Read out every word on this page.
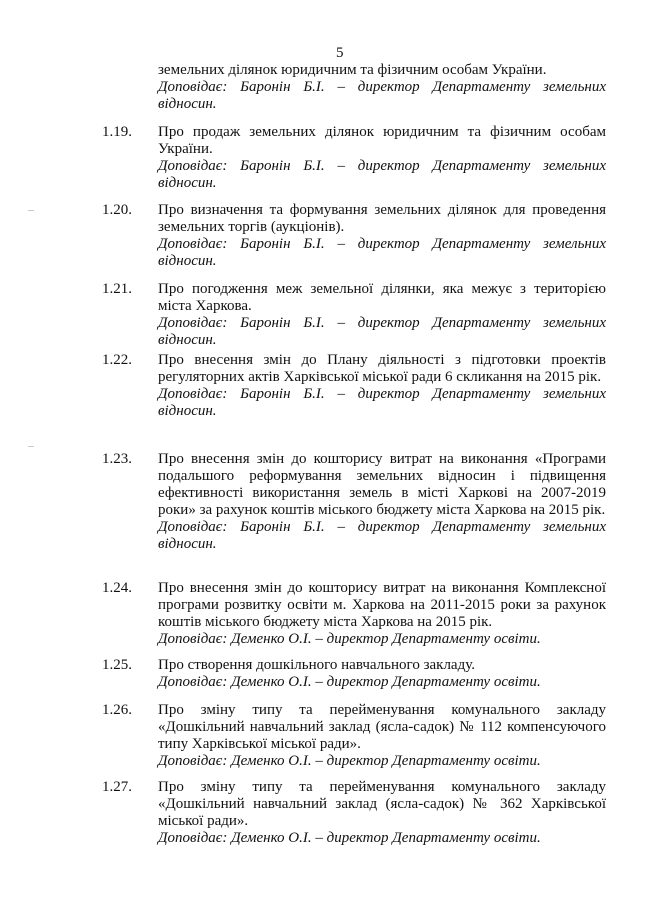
5
земельних ділянок юридичним та фізичним особам України.
Доповідає: Баронін Б.І. – директор Департаменту земельних відносин.
1.19. Про продаж земельних ділянок юридичним та фізичним особам України.
Доповідає: Баронін Б.І. – директор Департаменту земельних відносин.
1.20. Про визначення та формування земельних ділянок для проведення земельних торгів (аукціонів).
Доповідає: Баронін Б.І. – директор Департаменту земельних відносин.
1.21. Про погодження меж земельної ділянки, яка межує з територією міста Харкова.
Доповідає: Баронін Б.І. – директор Департаменту земельних відносин.
1.22. Про внесення змін до Плану діяльності з підготовки проектів регуляторних актів Харківської міської ради 6 скликання на 2015 рік.
Доповідає: Баронін Б.І. – директор Департаменту земельних відносин.
1.23. Про внесення змін до кошторису витрат на виконання «Програми подальшого реформування земельних відносин і підвищення ефективності використання земель в місті Харкові на 2007-2019 роки» за рахунок коштів міського бюджету міста Харкова на 2015 рік.
Доповідає: Баронін Б.І. – директор Департаменту земельних відносин.
1.24. Про внесення змін до кошторису витрат на виконання Комплексної програми розвитку освіти м. Харкова на 2011-2015 роки за рахунок коштів міського бюджету міста Харкова на 2015 рік.
Доповідає: Деменко О.І. – директор Департаменту освіти.
1.25. Про створення дошкільного навчального закладу.
Доповідає: Деменко О.І. – директор Департаменту освіти.
1.26. Про зміну типу та перейменування комунального закладу «Дошкільний навчальний заклад (ясла-садок) № 112 компенсуючого типу Харківської міської ради».
Доповідає: Деменко О.І. – директор Департаменту освіти.
1.27. Про зміну типу та перейменування комунального закладу «Дошкільний навчальний заклад (ясла-садок) № 362 Харківської міської ради».
Доповідає: Деменко О.І. – директор Департаменту освіти.
